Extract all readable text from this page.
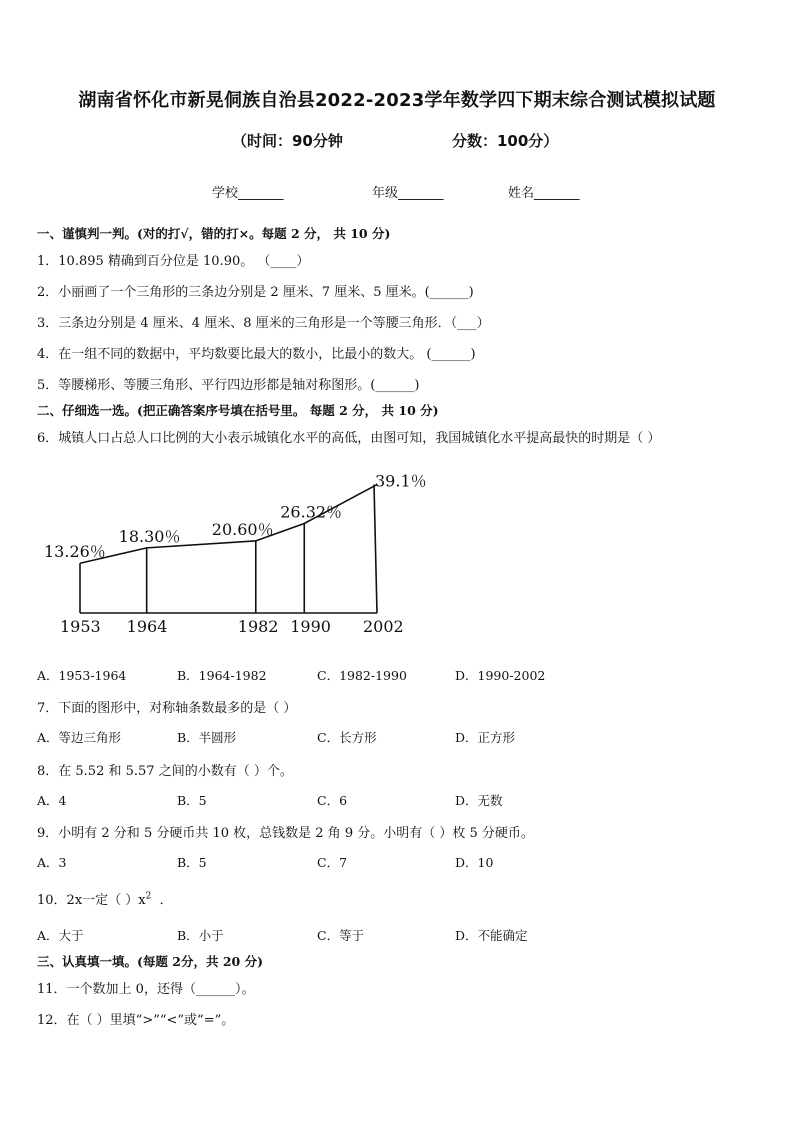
湖南省怀化市新晃侗族自治县2022-2023学年数学四下期末综合测试模拟试题
（时间：90分钟	分数：100分）
学校_______	年级_______	姓名_______
一、谨慎判一判。(对的打√，错的打×。每题 2 分， 共 10 分)
1．10.895 精确到百分位是 10.90。 （____）
2．小丽画了一个三角形的三条边分别是 2 厘米、7 厘米、5 厘米。(______)
3．三条边分别是 4 厘米、4 厘米、8 厘米的三角形是一个等腰三角形．（___）
4．在一组不同的数据中，平均数要比最大的数小，比最小的数大。 (______)
5．等腰梯形、等腰三角形、平行四边形都是轴对称图形。(______)
二、仔细选一选。(把正确答案序号填在括号里。 每题 2 分， 共 10 分)
6．城镇人口占总人口比例的大小表示城镇化水平的高低，由图可知，我国城镇化水平提高最快的时期是（ ）
13.26％
18.30％ 20.60％
26.32％
39.1％
1953 1964	1982 1990 2002
A．1953-1964	B．1964-1982	C．1982-1990	D．1990-2002
7．下面的图形中，对称轴条数最多的是（ ）
A．等边三角形	B．半圆形	C．长方形	D．正方形
8．在 5.52 和 5.57 之间的小数有（ ）个。
A．4	B．5	C．6	D．无数
9．小明有 2 分和 5 分硬币共 10 枚，总钱数是 2 角 9 分。小明有（ ）枚 5 分硬币。
A．3	B．5	C．7	D．10
10．2x一定（ ）$x^2$ ．
A．大于	B．小于	C．等于	D．不能确定
三、认真填一填。(每题 2分，共 20 分)
11．一个数加上 0，还得（______）。
12．在（ ）里填“>”“<”或“=”。
